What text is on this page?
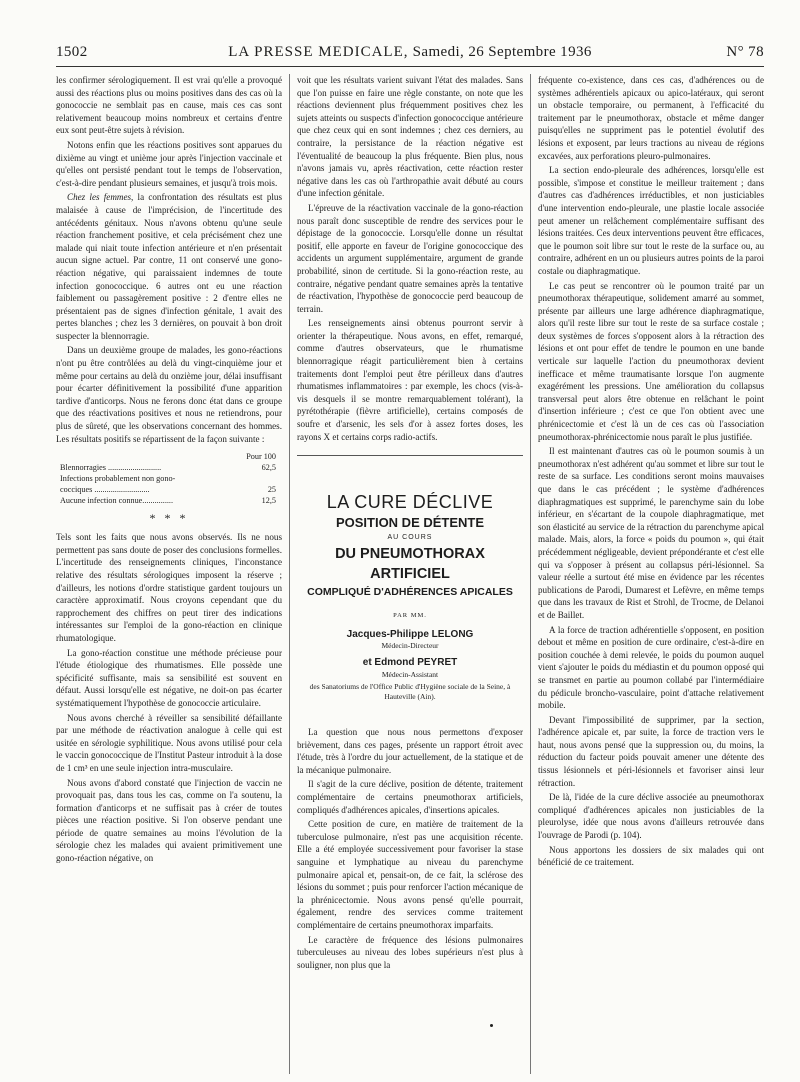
1502	LA PRESSE MEDICALE, Samedi, 26 Septembre 1936	N° 78

les confirmer sérologiquement. Il est vrai qu'elle a provoqué aussi des réactions plus ou moins positives dans des cas où la gonococcie ne semblait pas en cause, mais ces cas sont relativement beaucoup moins nombreux et certains d'entre eux sont peut-être sujets à révision.

Notons enfin que les réactions positives sont apparues du dixième au vingt et unième jour après l'injection vaccinale et qu'elles ont persisté pendant tout le temps de l'observation, c'est-à-dire pendant plusieurs semaines, et jusqu'à trois mois.

Chez les femmes, la confrontation des résultats est plus malaisée à cause de l'imprécision, de l'incertitude des antécédents génitaux. Nous n'avons obtenu qu'une seule réaction franchement positive, et cela précisément chez une malade qui niait toute infection antérieure et n'en présentait aucun signe actuel. Par contre, 11 ont conservé une gono-réaction négative, qui paraissaient indemnes de toute infection gonococcique. 6 autres ont eu une réaction faiblement ou passagèrement positive : 2 d'entre elles ne présentaient pas de signes d'infection génitale, 1 avait des pertes blanches ; chez les 3 dernières, on pouvait à bon droit suspecter la blennorragie.

Dans un deuxième groupe de malades, les gono-réactions n'ont pu être contrôlées au delà du vingt-cinquième jour et même pour certains au delà du onzième jour, délai insuffisant pour écarter définitivement la possibilité d'une apparition tardive d'anticorps. Nous ne ferons donc état dans ce groupe que des réactivations positives et nous ne retiendrons, pour plus de sûreté, que les observations concernant des hommes. Les résultats positifs se répartissent de la façon suivante :

Pour 100
Blennorragies ..........................	62,5
Infections probablement non gono-
cocciques ...........................	25
Aucune infection connue...............	12,5
* * *

Tels sont les faits que nous avons observés. Ils ne nous permettent pas sans doute de poser des conclusions formelles. L'incertitude des renseignements cliniques, l'inconstance relative des résultats sérologiques imposent la réserve ; d'ailleurs, les notions d'ordre statistique gardent toujours un caractère approximatif. Nous croyons cependant que du rapprochement des chiffres on peut tirer des indications intéressantes sur l'emploi de la gono-réaction en clinique rhumatologique.

La gono-réaction constitue une méthode précieuse pour l'étude étiologique des rhumatismes. Elle possède une spécificité suffisante, mais sa sensibilité est souvent en défaut. Aussi lorsqu'elle est négative, ne doit-on pas écarter systématiquement l'hypothèse de gonococcie articulaire.

Nous avons cherché à réveiller sa sensibilité défaillante par une méthode de réactivation analogue à celle qui est usitée en sérologie syphilitique. Nous avons utilisé pour cela le vaccin gonococcique de l'Institut Pasteur introduit à la dose de 1 cm³ en une seule injection intra-musculaire.

Nous avons d'abord constaté que l'injection de vaccin ne provoquait pas, dans tous les cas, comme on l'a soutenu, la formation d'anticorps et ne suffisait pas à créer de toutes pièces une réaction positive. Si l'on observe pendant une période de quatre semaines au moins l'évolution de la sérologie chez les malades qui avaient primitivement une gono-réaction négative, on

voit que les résultats varient suivant l'état des malades. Sans que l'on puisse en faire une règle constante, on note que les réactions deviennent plus fréquemment positives chez les sujets atteints ou suspects d'infection gonococcique antérieure que chez ceux qui en sont indemnes ; chez ces derniers, au contraire, la persistance de la réaction négative est l'éventualité de beaucoup la plus fréquente. Bien plus, nous n'avons jamais vu, après réactivation, cette réaction rester négative dans les cas où l'arthropathie avait débuté au cours d'une infection génitale.

L'épreuve de la réactivation vaccinale de la gono-réaction nous paraît donc susceptible de rendre des services pour le dépistage de la gonococcie. Lorsqu'elle donne un résultat positif, elle apporte en faveur de l'origine gonococcique des accidents un argument supplémentaire, argument de grande probabilité, sinon de certitude. Si la gono-réaction reste, au contraire, négative pendant quatre semaines après la tentative de réactivation, l'hypothèse de gonococcie perd beaucoup de terrain.

Les renseignements ainsi obtenus pourront servir à orienter la thérapeutique. Nous avons, en effet, remarqué, comme d'autres observateurs, que le rhumatisme blennorragique réagit particulièrement bien à certains traitements dont l'emploi peut être périlleux dans d'autres rhumatismes inflammatoires : par exemple, les chocs (vis-à-vis desquels il se montre remarquablement tolérant), la pyrétothérapie (fièvre artificielle), certains composés de soufre et d'arsenic, les sels d'or à assez fortes doses, les rayons X et certains corps radio-actifs.

LA CURE DÉCLIVE
POSITION DE DÉTENTE
AU COURS
DU PNEUMOTHORAX ARTIFICIEL
COMPLIQUÉ D'ADHÉRENCES APICALES
PAR MM.
Jacques-Philippe LELONG
Médecin-Directeur
et Edmond PEYRET
Médecin-Assistant
des Sanatoriums de l'Office Public d'Hygiène sociale de la Seine, à Hauteville (Ain).

La question que nous nous permettons d'exposer brièvement, dans ces pages, présente un rapport étroit avec l'étude, très à l'ordre du jour actuellement, de la statique et de la mécanique pulmonaire.

Il s'agit de la cure déclive, position de détente, traitement complémentaire de certains pneumothorax artificiels, compliqués d'adhérences apicales, d'insertions apicales.

Cette position de cure, en matière de traitement de la tuberculose pulmonaire, n'est pas une acquisition récente. Elle a été employée successivement pour favoriser la stase sanguine et lymphatique au niveau du parenchyme pulmonaire apical et, pensait-on, de ce fait, la sclérose des lésions du sommet ; puis pour renforcer l'action mécanique de la phrénicectomie. Nous avons pensé qu'elle pourrait, également, rendre des services comme traitement complémentaire de certains pneumothorax imparfaits.

Le caractère de fréquence des lésions pulmonaires tuberculeuses au niveau des lobes supérieurs n'est plus à souligner, non plus que la

fréquente co-existence, dans ces cas, d'adhérences ou de systèmes adhérentiels apicaux ou apico-latéraux, qui seront un obstacle temporaire, ou permanent, à l'efficacité du traitement par le pneumothorax, obstacle et même danger puisqu'elles ne suppriment pas le potentiel évolutif des lésions et exposent, par leurs tractions au niveau de régions excavées, aux perforations pleuro-pulmonaires.

La section endo-pleurale des adhérences, lorsqu'elle est possible, s'impose et constitue le meilleur traitement ; dans d'autres cas d'adhérences irréductibles, et non justiciables d'une intervention endo-pleurale, une plastie locale associée peut amener un relâchement complémentaire suffisant des lésions traitées. Ces deux interventions peuvent être efficaces, que le poumon soit libre sur tout le reste de la surface ou, au contraire, adhérent en un ou plusieurs autres points de la paroi costale ou diaphragmatique.

Le cas peut se rencontrer où le poumon traité par un pneumothorax thérapeutique, solidement amarré au sommet, présente par ailleurs une large adhérence diaphragmatique, alors qu'il reste libre sur tout le reste de sa surface costale ; deux systèmes de forces s'opposent alors à la rétraction des lésions et ont pour effet de tendre le poumon en une bande verticale sur laquelle l'action du pneumothorax devient inefficace et même traumatisante lorsque l'on augmente exagérément les pressions. Une amélioration du collapsus transversal peut alors être obtenue en relâchant le point d'insertion inférieure ; c'est ce que l'on obtient avec une phrénicectomie et c'est là un de ces cas où l'association pneumothorax-phrénicectomie nous paraît le plus justifiée.

Il est maintenant d'autres cas où le poumon soumis à un pneumothorax n'est adhérent qu'au sommet et libre sur tout le reste de sa surface. Les conditions seront moins mauvaises que dans le cas précédent ; le système d'adhérences diaphragmatiques est supprimé, le parenchyme sain du lobe inférieur, en s'écartant de la coupole diaphragmatique, met son élasticité au service de la rétraction du parenchyme apical malade. Mais, alors, la force « poids du poumon », qui était précédemment négligeable, devient prépondérante et c'est elle qui va s'opposer à présent au collapsus péri-lésionnel. Sa valeur réelle a surtout été mise en évidence par les récentes publications de Parodi, Dumarest et Lefèvre, en même temps que dans les travaux de Rist et Strohl, de Trocme, de Delanoi et de Baillet.

A la force de traction adhérentielle s'opposent, en position debout et même en position de cure ordinaire, c'est-à-dire en position couchée à demi relevée, le poids du poumon auquel vient s'ajouter le poids du médiastin et du poumon opposé qui se transmet en partie au poumon collabé par l'intermédiaire du pédicule broncho-vasculaire, point d'attache relativement mobile.

Devant l'impossibilité de supprimer, par la section, l'adhérence apicale et, par suite, la force de traction vers le haut, nous avons pensé que la suppression ou, du moins, la réduction du facteur poids pouvait amener une détente des tissus lésionnels et péri-lésionnels et favoriser ainsi leur rétraction.

De là, l'idée de la cure déclive associée au pneumothorax compliqué d'adhérences apicales non justiciables de la pleurolyse, idée que nous avons d'ailleurs retrouvée dans l'ouvrage de Parodi (p. 104).

Nous apportons les dossiers de six malades qui ont bénéficié de ce traitement.
